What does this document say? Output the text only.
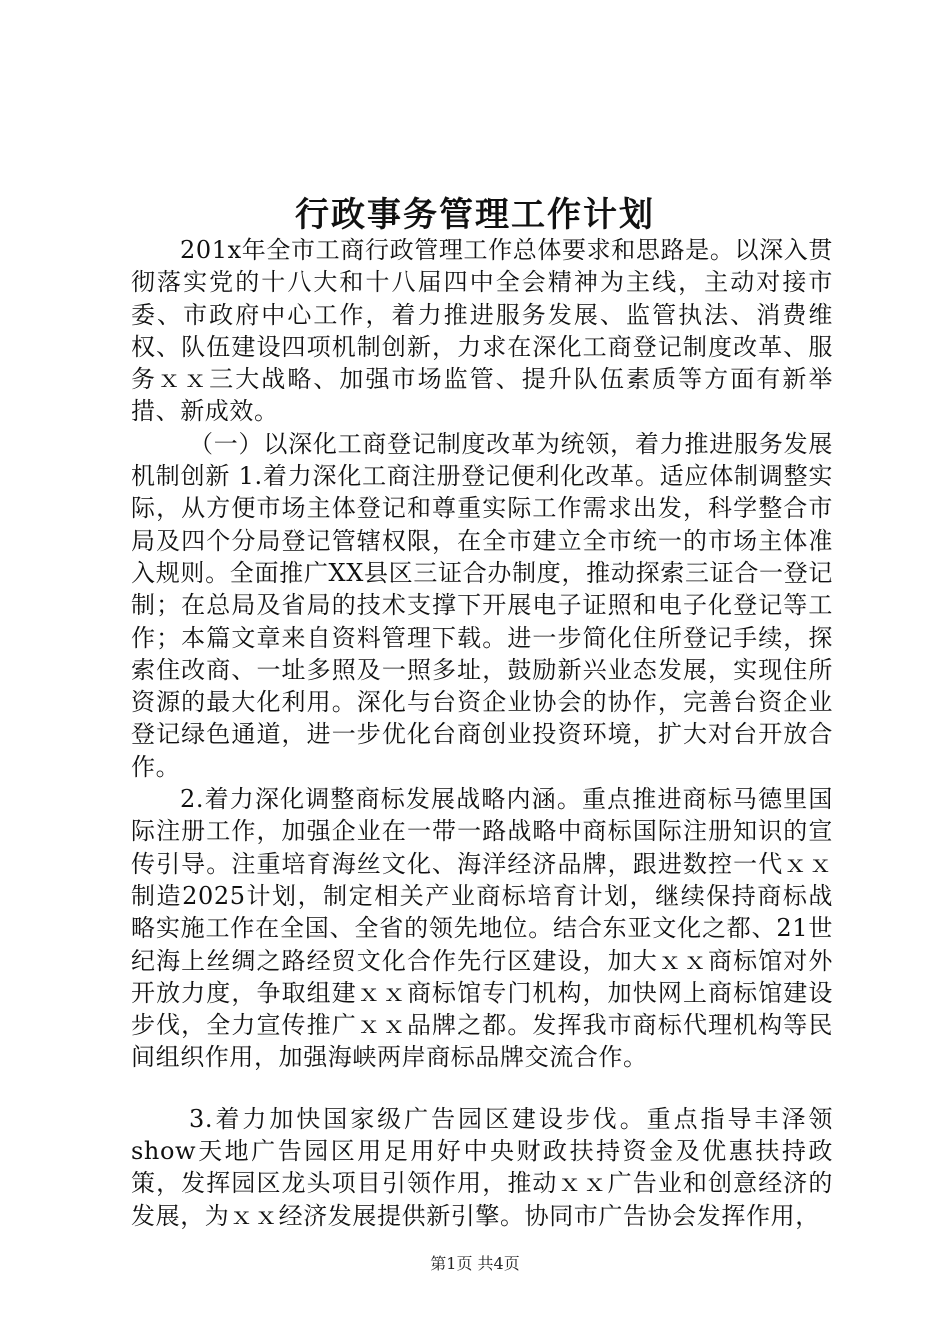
行政事务管理工作计划

201x年全市工商行政管理工作总体要求和思路是。以深入贯彻落实党的十八大和十八届四中全会精神为主线，主动对接市委、市政府中心工作，着力推进服务发展、监管执法、消费维权、队伍建设四项机制创新，力求在深化工商登记制度改革、服务ｘｘ三大战略、加强市场监管、提升队伍素质等方面有新举措、新成效。

（一）以深化工商登记制度改革为统领，着力推进服务发展机制创新 1.着力深化工商注册登记便利化改革。适应体制调整实际，从方便市场主体登记和尊重实际工作需求出发，科学整合市局及四个分局登记管辖权限，在全市建立全市统一的市场主体准入规则。全面推广XX县区三证合办制度，推动探索三证合一登记制；在总局及省局的技术支撑下开展电子证照和电子化登记等工作；本篇文章来自资料管理下载。进一步简化住所登记手续，探索住改商、一址多照及一照多址，鼓励新兴业态发展，实现住所资源的最大化利用。深化与台资企业协会的协作，完善台资企业登记绿色通道，进一步优化台商创业投资环境，扩大对台开放合作。

2.着力深化调整商标发展战略内涵。重点推进商标马德里国际注册工作，加强企业在一带一路战略中商标国际注册知识的宣传引导。注重培育海丝文化、海洋经济品牌，跟进数控一代ｘｘ制造2025计划，制定相关产业商标培育计划，继续保持商标战略实施工作在全国、全省的领先地位。结合东亚文化之都、21世纪海上丝绸之路经贸文化合作先行区建设，加大ｘｘ商标馆对外开放力度，争取组建ｘｘ商标馆专门机构，加快网上商标馆建设步伐，全力宣传推广ｘｘ品牌之都。发挥我市商标代理机构等民间组织作用，加强海峡两岸商标品牌交流合作。

3.着力加快国家级广告园区建设步伐。重点指导丰泽领show天地广告园区用足用好中央财政扶持资金及优惠扶持政策，发挥园区龙头项目引领作用，推动ｘｘ广告业和创意经济的发展，为ｘｘ经济发展提供新引擎。协同市广告协会发挥作用，

第1页 共4页
